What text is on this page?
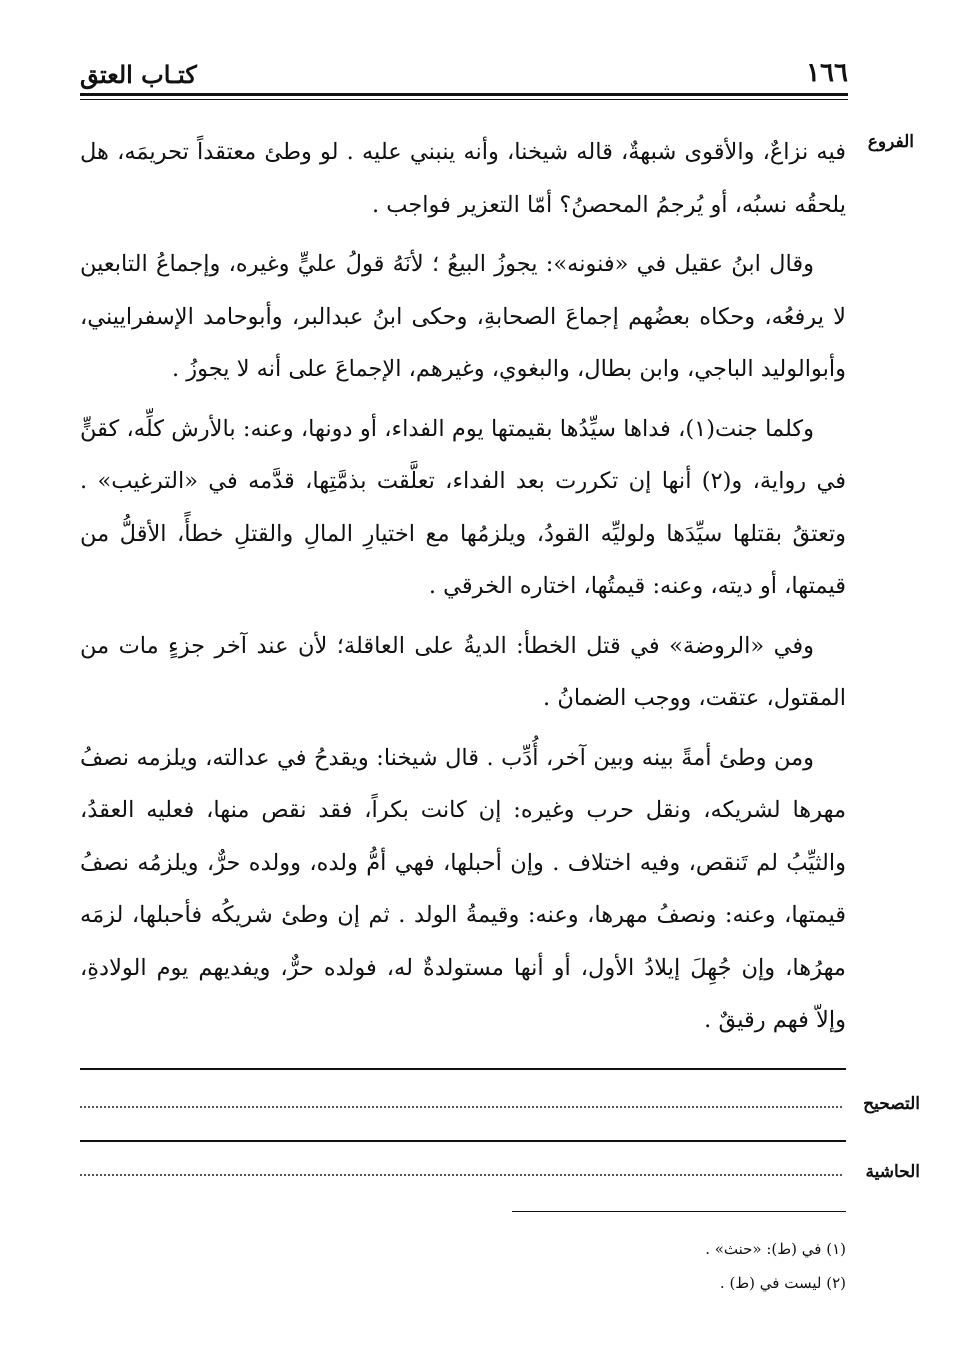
١٦٦
كتـاب العتق
الفروع

فيه نزاعٌ، والأقوى شبهةٌ، قاله شيخنا، وأنه ينبني عليه . لو وطئ معتقداً تحريمَه، هل يلحقُه نسبُه، أو يُرجمُ المحصنُ؟ أمّا التعزير فواجب .

وقال ابنُ عقيل في «فنونه»: يجوزُ البيعُ ؛ لأنَهُ قولُ عليٍّ وغيره، وإجماعُ التابعين لا يرفعُه، وحكاه بعضُهم إجماعَ الصحابةِ، وحكى ابنُ عبدالبر، وأبوحامد الإسفراييني، وأبوالوليد الباجي، وابن بطال، والبغوي، وغيرهم، الإجماعَ على أنه لا يجوزُ .

وكلما جنت(١)، فداها سيِّدُها بقيمتها يوم الفداء، أو دونها، وعنه: بالأرش كلِّه، كقنٍّ في رواية، و(٢) أنها إن تكررت بعد الفداء، تعلَّقت بذمَّتِها، قدَّمه في «الترغيب» . وتعتقُ بقتلها سيِّدَها ولوليِّه القودُ، ويلزمُها مع اختيارِ المالِ والقتلِ خطأً، الأقلُّ من قيمتها، أو ديته، وعنه: قيمتُها، اختاره الخرقي .

وفي «الروضة» في قتل الخطأ: الديةُ على العاقلة؛ لأن عند آخر جزءٍ مات من المقتول، عتقت، ووجب الضمانُ .

ومن وطئ أمةً بينه وبين آخر، أُدِّب . قال شيخنا: ويقدحُ في عدالته، ويلزمه نصفُ مهرها لشريكه، ونقل حرب وغيره: إن كانت بكراً، فقد نقص منها، فعليه العقدُ، والثيِّبُ لم تَنقص، وفيه اختلاف . وإن أحبلها، فهي أمُّ ولده، وولده حرٌّ، ويلزمُه نصفُ قيمتها، وعنه: ونصفُ مهرها، وعنه: وقيمةُ الولد . ثم إن وطئ شريكُه فأحبلها، لزمَه مهرُها، وإن جُهِلَ إيلادُ الأول، أو أنها مستولدةٌ له، فولده حرٌّ، ويفديهم يوم الولادةِ، وإلاّ فهم رقيقٌ .

التصحيح
الحاشية
(١) في (ط): «حنث» .
(٢) ليست في (ط) .
